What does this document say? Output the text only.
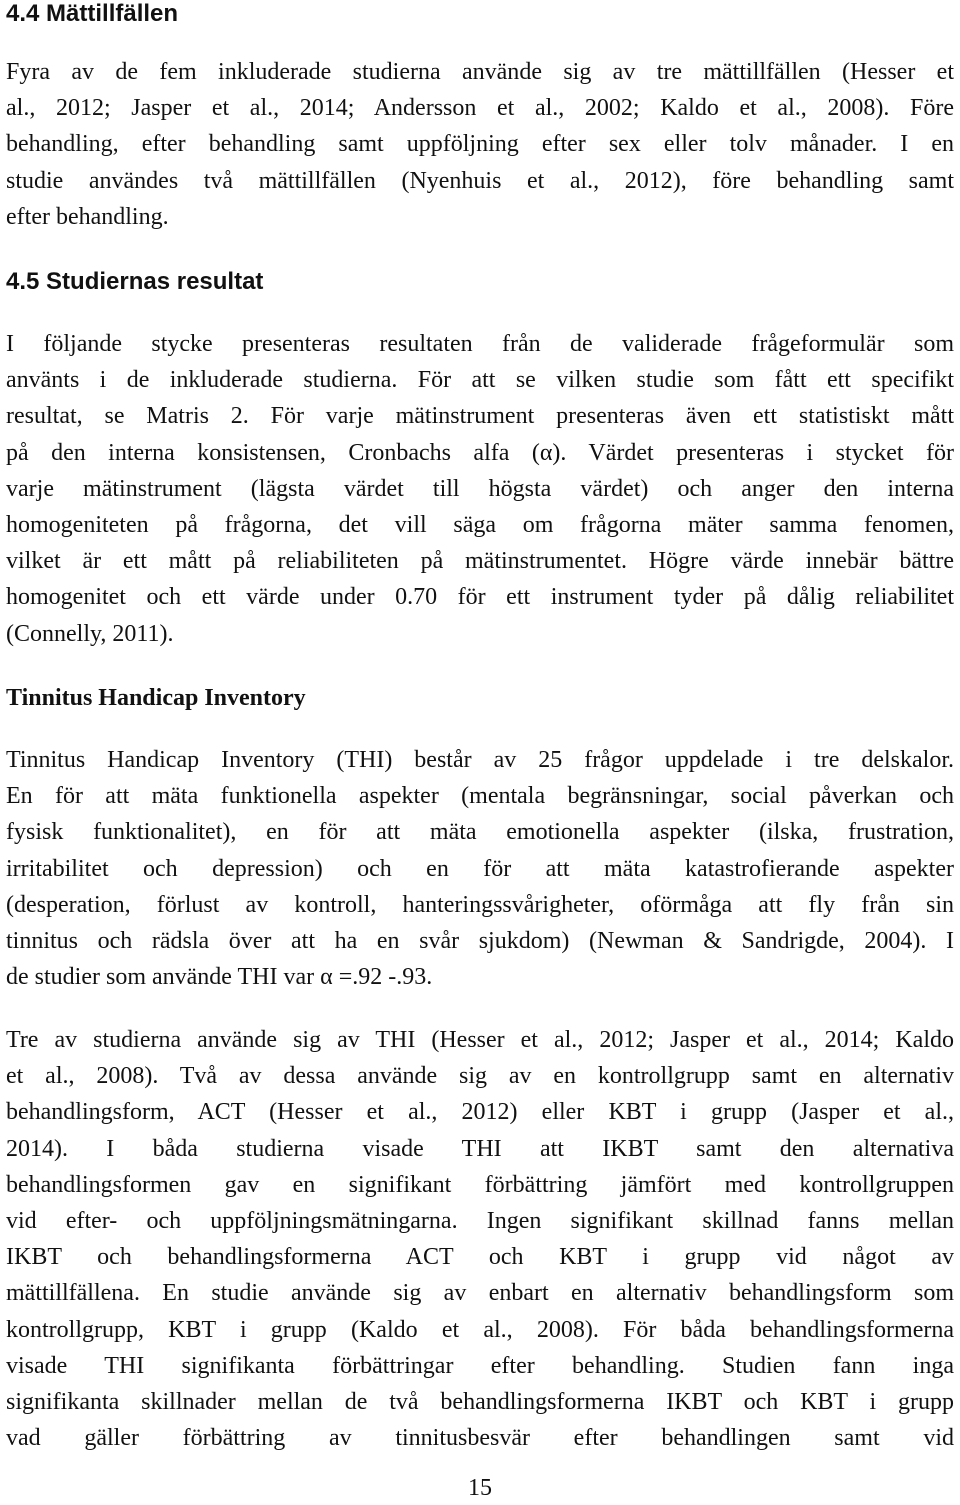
4.4 Mättillfällen
Fyra av de fem inkluderade studierna använde sig av tre mättillfällen (Hesser et
al., 2012; Jasper et al., 2014; Andersson et al., 2002; Kaldo et al., 2008). Före
behandling, efter behandling samt uppföljning efter sex eller tolv månader. I en
studie användes två mättillfällen (Nyenhuis et al., 2012), före behandling samt
efter behandling.
4.5 Studiernas resultat
I följande stycke presenteras resultaten från de validerade frågeformulär som
använts i de inkluderade studierna. För att se vilken studie som fått ett specifikt
resultat, se Matris 2. För varje mätinstrument presenteras även ett statistiskt mått
på den interna konsistensen, Cronbachs alfa (α). Värdet presenteras i stycket för
varje mätinstrument (lägsta värdet till högsta värdet) och anger den interna
homogeniteten på frågorna, det vill säga om frågorna mäter samma fenomen,
vilket är ett mått på reliabiliteten på mätinstrumentet. Högre värde innebär bättre
homogenitet och ett värde under 0.70 för ett instrument tyder på dålig reliabilitet
(Connelly, 2011).
Tinnitus Handicap Inventory
Tinnitus Handicap Inventory (THI) består av 25 frågor uppdelade i tre delskalor.
En för att mäta funktionella aspekter (mentala begränsningar, social påverkan och
fysisk funktionalitet), en för att mäta emotionella aspekter (ilska, frustration,
irritabilitet och depression) och en för att mäta katastrofierande aspekter
(desperation, förlust av kontroll, hanteringssvårigheter, oförmåga att fly från sin
tinnitus och rädsla över att ha en svår sjukdom) (Newman & Sandrigde, 2004). I
de studier som använde THI var α =.92 -.93.
Tre av studierna använde sig av THI (Hesser et al., 2012; Jasper et al., 2014; Kaldo
et al., 2008). Två av dessa använde sig av en kontrollgrupp samt en alternativ
behandlingsform, ACT (Hesser et al., 2012) eller KBT i grupp (Jasper et al.,
2014). I båda studierna visade THI att IKBT samt den alternativa
behandlingsformen gav en signifikant förbättring jämfört med kontrollgruppen
vid efter- och uppföljningsmätningarna. Ingen signifikant skillnad fanns mellan
IKBT och behandlingsformerna ACT och KBT i grupp vid något av
mättillfällena. En studie använde sig av enbart en alternativ behandlingsform som
kontrollgrupp, KBT i grupp (Kaldo et al., 2008). För båda behandlingsformerna
visade THI signifikanta förbättringar efter behandling. Studien fann inga
signifikanta skillnader mellan de två behandlingsformerna IKBT och KBT i grupp
vad gäller förbättring av tinnitusbesvär efter behandlingen samt vid
15
